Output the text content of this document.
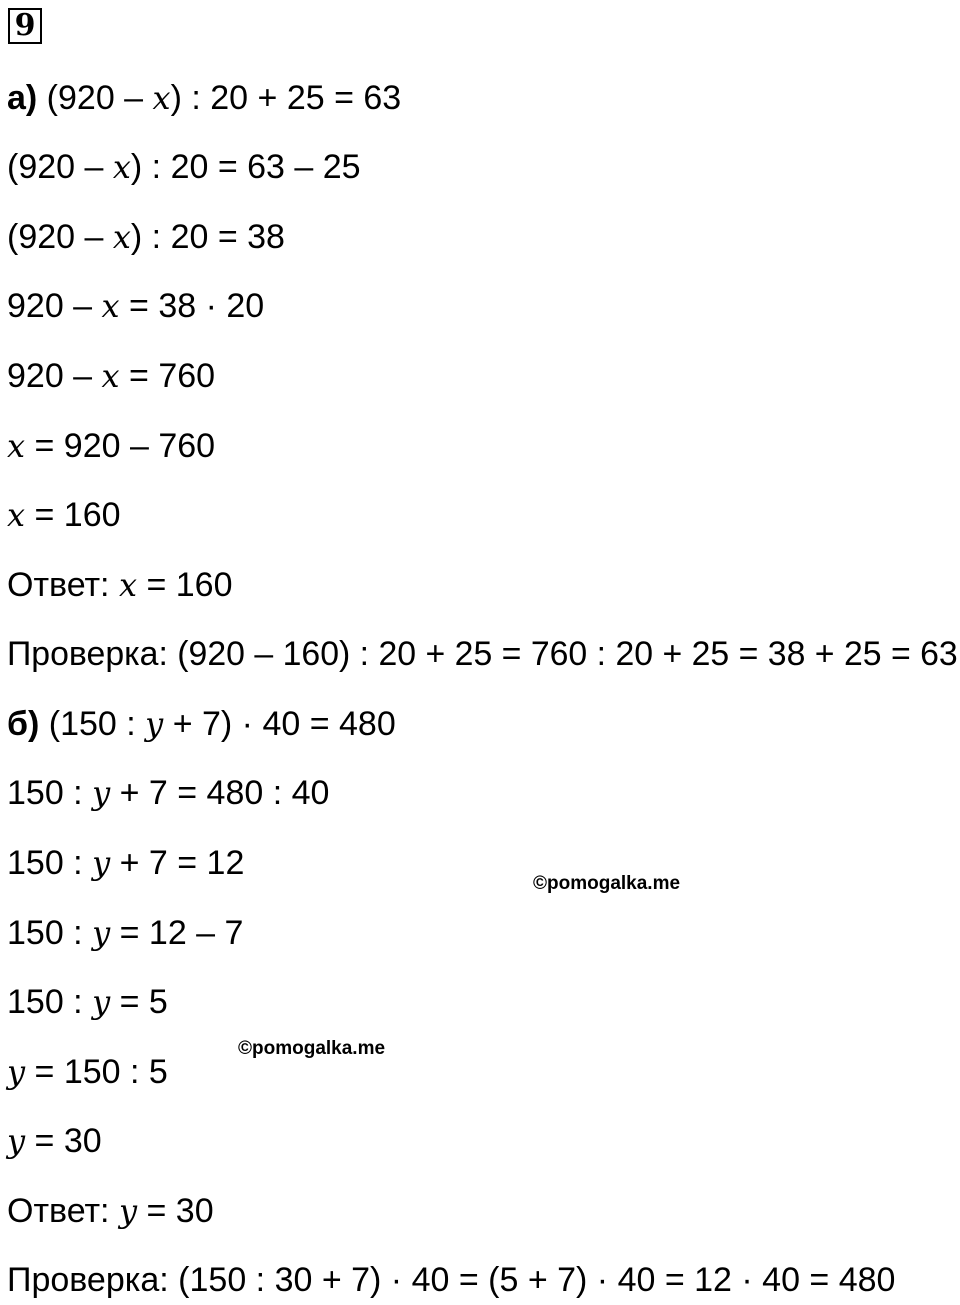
9
а) (920 – x) : 20 + 25 = 63
(920 – x) : 20 = 63 – 25
(920 – x) : 20 = 38
920 – x = 38 · 20
920 – x = 760
x = 920 – 760
x = 160
Ответ: x = 160
Проверка: (920 – 160) : 20 + 25 = 760 : 20 + 25 = 38 + 25 = 63
б) (150 : y + 7) · 40 = 480
150 : y + 7 = 480 : 40
150 : y + 7 = 12
150 : y = 12 – 7
150 : y = 5
y = 150 : 5
y = 30
Ответ: y = 30
Проверка: (150 : 30 + 7) · 40 = (5 + 7) · 40 = 12 · 40 = 480
©pomogalka.me
©pomogalka.me
